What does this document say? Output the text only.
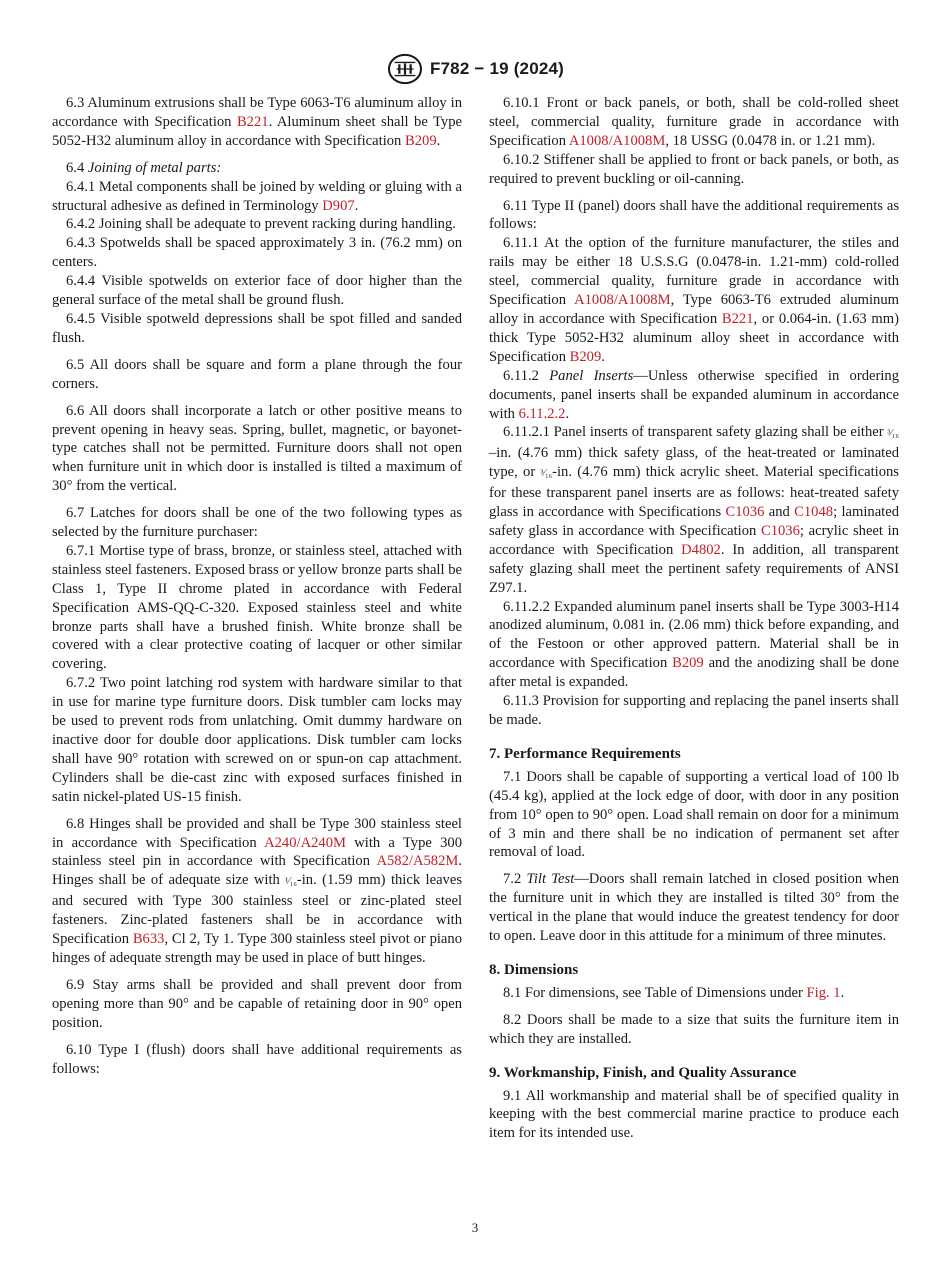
F782 − 19 (2024)

6.3 Aluminum extrusions shall be Type 6063-T6 aluminum alloy in accordance with Specification B221. Aluminum sheet shall be Type 5052-H32 aluminum alloy in accordance with Specification B209.

6.4 Joining of metal parts:

6.4.1 Metal components shall be joined by welding or gluing with a structural adhesive as defined in Terminology D907.

6.4.2 Joining shall be adequate to prevent racking during handling.

6.4.3 Spotwelds shall be spaced approximately 3 in. (76.2 mm) on centers.

6.4.4 Visible spotwelds on exterior face of door higher than the general surface of the metal shall be ground flush.

6.4.5 Visible spotweld depressions shall be spot filled and sanded flush.

6.5 All doors shall be square and form a plane through the four corners.

6.6 All doors shall incorporate a latch or other positive means to prevent opening in heavy seas. Spring, bullet, magnetic, or bayonet-type catches shall not be permitted. Furniture doors shall not open when furniture unit in which door is installed is tilted a maximum of 30° from the vertical.

6.7 Latches for doors shall be one of the two following types as selected by the furniture purchaser:

6.7.1 Mortise type of brass, bronze, or stainless steel, attached with stainless steel fasteners. Exposed brass or yellow bronze parts shall be Class 1, Type II chrome plated in accordance with Federal Specification AMS-QQ-C-320. Exposed stainless steel and white bronze parts shall have a brushed finish. White bronze shall be covered with a clear protective coating of lacquer or other similar covering.

6.7.2 Two point latching rod system with hardware similar to that in use for marine type furniture doors. Disk tumbler cam locks may be used to prevent rods from unlatching. Omit dummy hardware on inactive door for double door applications. Disk tumbler cam locks shall have 90° rotation with screwed on or spun-on cap attachment. Cylinders shall be die-cast zinc with exposed surfaces finished in satin nickel-plated US-15 finish.

6.8 Hinges shall be provided and shall be Type 300 stainless steel in accordance with Specification A240/A240M with a Type 300 stainless steel pin in accordance with Specification A582/A582M. Hinges shall be of adequate size with ¹⁄₁₆-in. (1.59 mm) thick leaves and secured with Type 300 stainless steel or zinc-plated steel fasteners. Zinc-plated fasteners shall be in accordance with Specification B633, Cl 2, Ty 1. Type 300 stainless steel pivot or piano hinges of adequate strength may be used in place of butt hinges.

6.9 Stay arms shall be provided and shall prevent door from opening more than 90° and be capable of retaining door in 90° open position.

6.10 Type I (flush) doors shall have additional requirements as follows:

6.10.1 Front or back panels, or both, shall be cold-rolled sheet steel, commercial quality, furniture grade in accordance with Specification A1008/A1008M, 18 USSG (0.0478 in. or 1.21 mm).

6.10.2 Stiffener shall be applied to front or back panels, or both, as required to prevent buckling or oil-canning.

6.11 Type II (panel) doors shall have the additional requirements as follows:

6.11.1 At the option of the furniture manufacturer, the stiles and rails may be either 18 U.S.S.G (0.0478-in. 1.21-mm) cold-rolled steel, commercial quality, furniture grade in accordance with Specification A1008/A1008M, Type 6063-T6 extruded aluminum alloy in accordance with Specification B221, or 0.064-in. (1.63 mm) thick Type 5052-H32 aluminum alloy sheet in accordance with Specification B209.

6.11.2 Panel Inserts—Unless otherwise specified in ordering documents, panel inserts shall be expanded aluminum in accordance with 6.11.2.2.

6.11.2.1 Panel inserts of transparent safety glazing shall be either ³⁄₁₆ –in. (4.76 mm) thick safety glass, of the heat-treated or laminated type, or ³⁄₁₆-in. (4.76 mm) thick acrylic sheet. Material specifications for these transparent panel inserts are as follows: heat-treated safety glass in accordance with Specifications C1036 and C1048; laminated safety glass in accordance with Specification C1036; acrylic sheet in accordance with Specification D4802. In addition, all transparent safety glazing shall meet the pertinent safety requirements of ANSI Z97.1.

6.11.2.2 Expanded aluminum panel inserts shall be Type 3003-H14 anodized aluminum, 0.081 in. (2.06 mm) thick before expanding, and of the Festoon or other approved pattern. Material shall be in accordance with Specification B209 and the anodizing shall be done after metal is expanded.

6.11.3 Provision for supporting and replacing the panel inserts shall be made.

7. Performance Requirements

7.1 Doors shall be capable of supporting a vertical load of 100 lb (45.4 kg), applied at the lock edge of door, with door in any position from 10° open to 90° open. Load shall remain on door for a minimum of 3 min and there shall be no indication of permanent set after removal of load.

7.2 Tilt Test—Doors shall remain latched in closed position when the furniture unit in which they are installed is tilted 30° from the vertical in the plane that would induce the greatest tendency for door to open. Leave door in this attitude for a minimum of three minutes.

8. Dimensions

8.1 For dimensions, see Table of Dimensions under Fig. 1.

8.2 Doors shall be made to a size that suits the furniture item in which they are installed.

9. Workmanship, Finish, and Quality Assurance

9.1 All workmanship and material shall be of specified quality in keeping with the best commercial marine practice to produce each item for its intended use.

3
